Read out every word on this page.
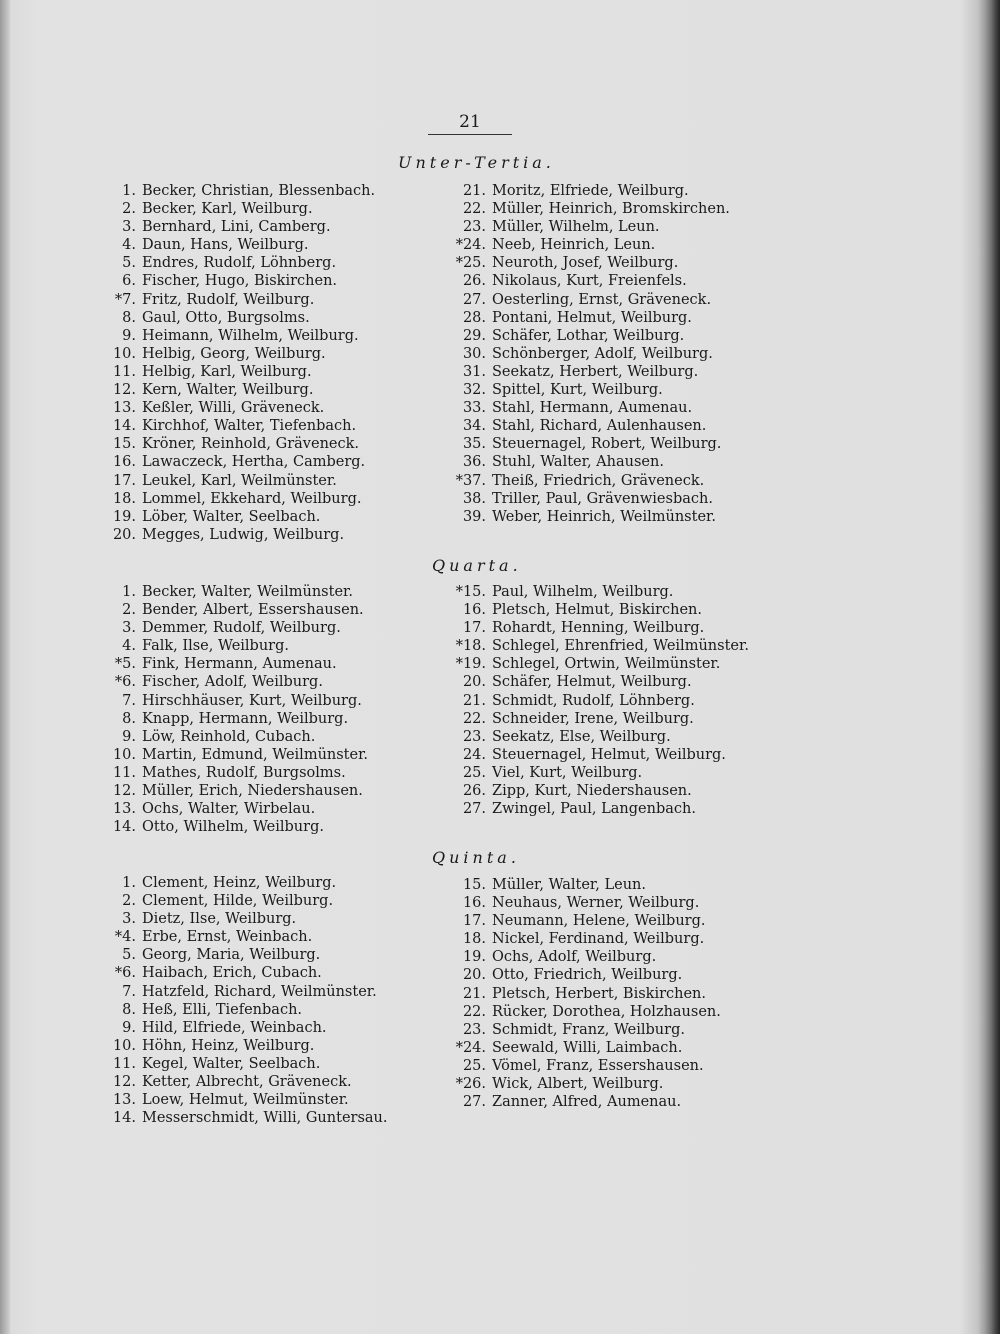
21
Unter-Tertia.
1. Becker, Christian, Blessenbach.
2. Becker, Karl, Weilburg.
3. Bernhard, Lini, Camberg.
4. Daun, Hans, Weilburg.
5. Endres, Rudolf, Löhnberg.
6. Fischer, Hugo, Biskirchen.
*7. Fritz, Rudolf, Weilburg.
8. Gaul, Otto, Burgsolms.
9. Heimann, Wilhelm, Weilburg.
10. Helbig, Georg, Weilburg.
11. Helbig, Karl, Weilburg.
12. Kern, Walter, Weilburg.
13. Keßler, Willi, Gräveneck.
14. Kirchhof, Walter, Tiefenbach.
15. Kröner, Reinhold, Gräveneck.
16. Lawaczeck, Hertha, Camberg.
17. Leukel, Karl, Weilmünster.
18. Lommel, Ekkehard, Weilburg.
19. Löber, Walter, Seelbach.
20. Megges, Ludwig, Weilburg.
21. Moritz, Elfriede, Weilburg.
22. Müller, Heinrich, Bromskirchen.
23. Müller, Wilhelm, Leun.
*24. Neeb, Heinrich, Leun.
*25. Neuroth, Josef, Weilburg.
26. Nikolaus, Kurt, Freienfels.
27. Oesterling, Ernst, Gräveneck.
28. Pontani, Helmut, Weilburg.
29. Schäfer, Lothar, Weilburg.
30. Schönberger, Adolf, Weilburg.
31. Seekatz, Herbert, Weilburg.
32. Spittel, Kurt, Weilburg.
33. Stahl, Hermann, Aumenau.
34. Stahl, Richard, Aulenhausen.
35. Steuernagel, Robert, Weilburg.
36. Stuhl, Walter, Ahausen.
*37. Theiß, Friedrich, Gräveneck.
38. Triller, Paul, Grävenwiesbach.
39. Weber, Heinrich, Weilmünster.
Quarta.
1. Becker, Walter, Weilmünster.
2. Bender, Albert, Essershausen.
3. Demmer, Rudolf, Weilburg.
4. Falk, Ilse, Weilburg.
*5. Fink, Hermann, Aumenau.
*6. Fischer, Adolf, Weilburg.
7. Hirschhäuser, Kurt, Weilburg.
8. Knapp, Hermann, Weilburg.
9. Löw, Reinhold, Cubach.
10. Martin, Edmund, Weilmünster.
11. Mathes, Rudolf, Burgsolms.
12. Müller, Erich, Niedershausen.
13. Ochs, Walter, Wirbelau.
14. Otto, Wilhelm, Weilburg.
*15. Paul, Wilhelm, Weilburg.
16. Pletsch, Helmut, Biskirchen.
17. Rohardt, Henning, Weilburg.
*18. Schlegel, Ehrenfried, Weilmünster.
*19. Schlegel, Ortwin, Weilmünster.
20. Schäfer, Helmut, Weilburg.
21. Schmidt, Rudolf, Löhnberg.
22. Schneider, Irene, Weilburg.
23. Seekatz, Else, Weilburg.
24. Steuernagel, Helmut, Weilburg.
25. Viel, Kurt, Weilburg.
26. Zipp, Kurt, Niedershausen.
27. Zwingel, Paul, Langenbach.
Quinta.
1. Clement, Heinz, Weilburg.
2. Clement, Hilde, Weilburg.
3. Dietz, Ilse, Weilburg.
*4. Erbe, Ernst, Weinbach.
5. Georg, Maria, Weilburg.
*6. Haibach, Erich, Cubach.
7. Hatzfeld, Richard, Weilmünster.
8. Heß, Elli, Tiefenbach.
9. Hild, Elfriede, Weinbach.
10. Höhn, Heinz, Weilburg.
11. Kegel, Walter, Seelbach.
12. Ketter, Albrecht, Gräveneck.
13. Loew, Helmut, Weilmünster.
14. Messerschmidt, Willi, Guntersau.
15. Müller, Walter, Leun.
16. Neuhaus, Werner, Weilburg.
17. Neumann, Helene, Weilburg.
18. Nickel, Ferdinand, Weilburg.
19. Ochs, Adolf, Weilburg.
20. Otto, Friedrich, Weilburg.
21. Pletsch, Herbert, Biskirchen.
22. Rücker, Dorothea, Holzhausen.
23. Schmidt, Franz, Weilburg.
*24. Seewald, Willi, Laimbach.
25. Vömel, Franz, Essershausen.
*26. Wick, Albert, Weilburg.
27. Zanner, Alfred, Aumenau.
